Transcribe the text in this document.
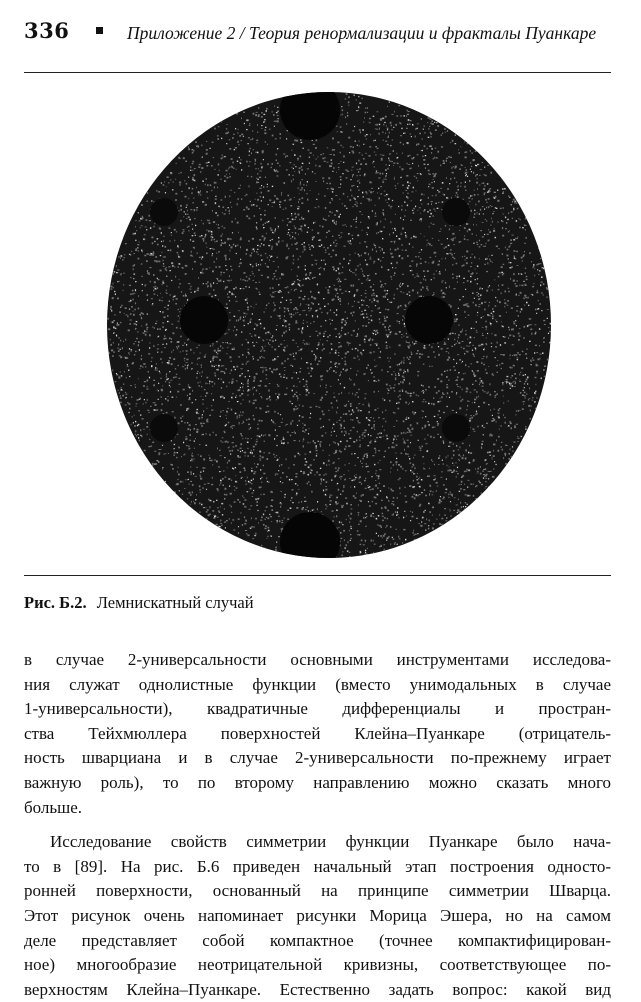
336	Приложение 2 / Теория ренормализации и фракталы Пуанкаре
Рис. Б.2. Лемнискатный случай
в случае 2-универсальности основными инструментами исследова-
ния служат однолистные функции (вместо унимодальных в случае
1-универсальности), квадратичные дифференциалы и простран-
ства Тейхмюллера поверхностей Клейна–Пуанкаре (отрицатель-
ность шварциана и в случае 2-универсальности по-прежнему играет
важную роль), то по второму направлению можно сказать много
больше.
Исследование свойств симметрии функции Пуанкаре было нача-
то в [89]. На рис. Б.6 приведен начальный этап построения односто-
ронней поверхности, основанный на принципе симметрии Шварца.
Этот рисунок очень напоминает рисунки Морица Эшера, но на самом
деле представляет собой компактное (точнее компактифицирован-
ное) многообразие неотрицательной кривизны, соответствующее по-
верхностям Клейна–Пуанкаре. Естественно задать вопрос: какой вид
